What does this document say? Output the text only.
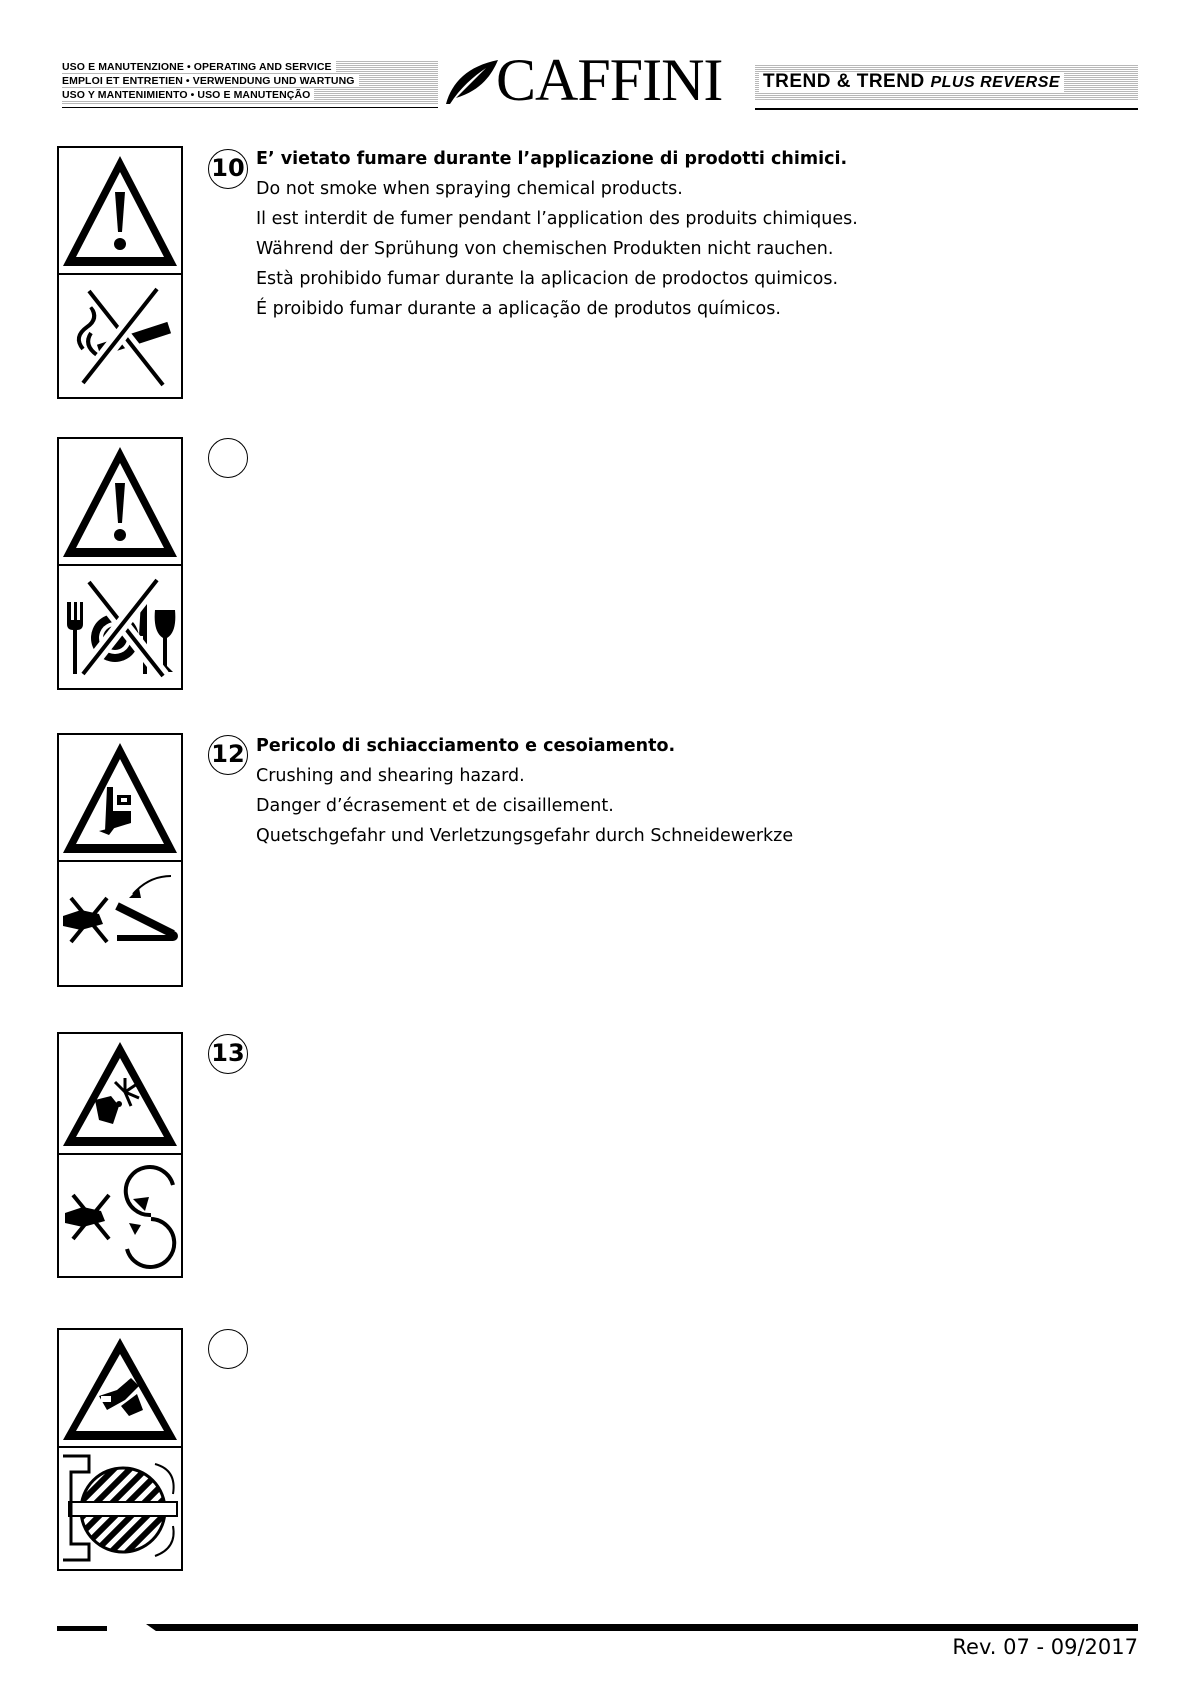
USO E MANUTENZIONE • OPERATING AND SERVICE
EMPLOI ET ENTRETIEN • VERWENDUNG UND WARTUNG
USO Y MANTENIMIENTO • USO E MANUTENÇÃO	CAFFINI TREND & TREND PLUS REVERSE
10 E’ vietato fumare durante l’applicazione di prodotti chimici.
Do not smoke when spraying chemical products.
Il est interdit de fumer pendant l’application des produits chimiques.
Während der Sprühung von chemischen Produkten nicht rauchen.
Està prohibido fumar durante la aplicacion de prodoctos quimicos.
É proibido fumar durante a aplicação de produtos químicos.
12 Pericolo di schiacciamento e cesoiamento.
Crushing and shearing hazard.
Danger d’écrasement et de cisaillement.
Quetschgefahr und Verletzungsgefahr durch Schneidewerkze
13
Rev. 07 - 09/2017
